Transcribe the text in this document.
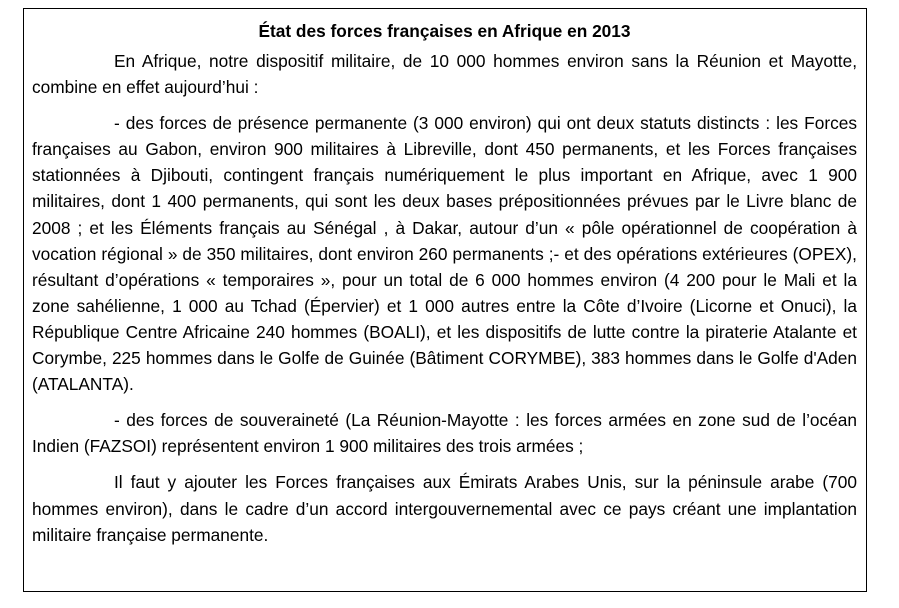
État des forces françaises en Afrique en 2013

En Afrique, notre dispositif militaire, de 10 000 hommes environ sans la Réunion et Mayotte, combine en effet aujourd’hui :

- des forces de présence permanente (3 000 environ) qui ont deux statuts distincts : les Forces françaises au Gabon, environ 900 militaires à Libreville, dont 450 permanents, et les Forces françaises stationnées à Djibouti, contingent français numériquement le plus important en Afrique, avec 1 900 militaires, dont 1 400 permanents, qui sont les deux bases prépositionnées prévues par le Livre blanc de 2008 ; et les Éléments français au Sénégal , à Dakar, autour d’un « pôle opérationnel de coopération à vocation régional » de 350 militaires, dont environ 260 permanents ;- et des opérations extérieures (OPEX), résultant d’opérations « temporaires », pour un total de 6 000 hommes environ (4 200 pour le Mali et la zone sahélienne, 1 000 au Tchad (Épervier) et 1 000 autres entre la Côte d’Ivoire (Licorne et Onuci), la République Centre Africaine 240 hommes (BOALI), et les dispositifs de lutte contre la piraterie Atalante et Corymbe, 225 hommes dans le Golfe de Guinée (Bâtiment CORYMBE), 383 hommes dans le Golfe d'Aden (ATALANTA).

- des forces de souveraineté (La Réunion-Mayotte : les forces armées en zone sud de l’océan Indien (FAZSOI) représentent environ 1 900 militaires des trois armées ;

Il faut y ajouter les Forces françaises aux Émirats Arabes Unis, sur la péninsule arabe (700 hommes environ), dans le cadre d’un accord intergouvernemental avec ce pays créant une implantation militaire française permanente.
